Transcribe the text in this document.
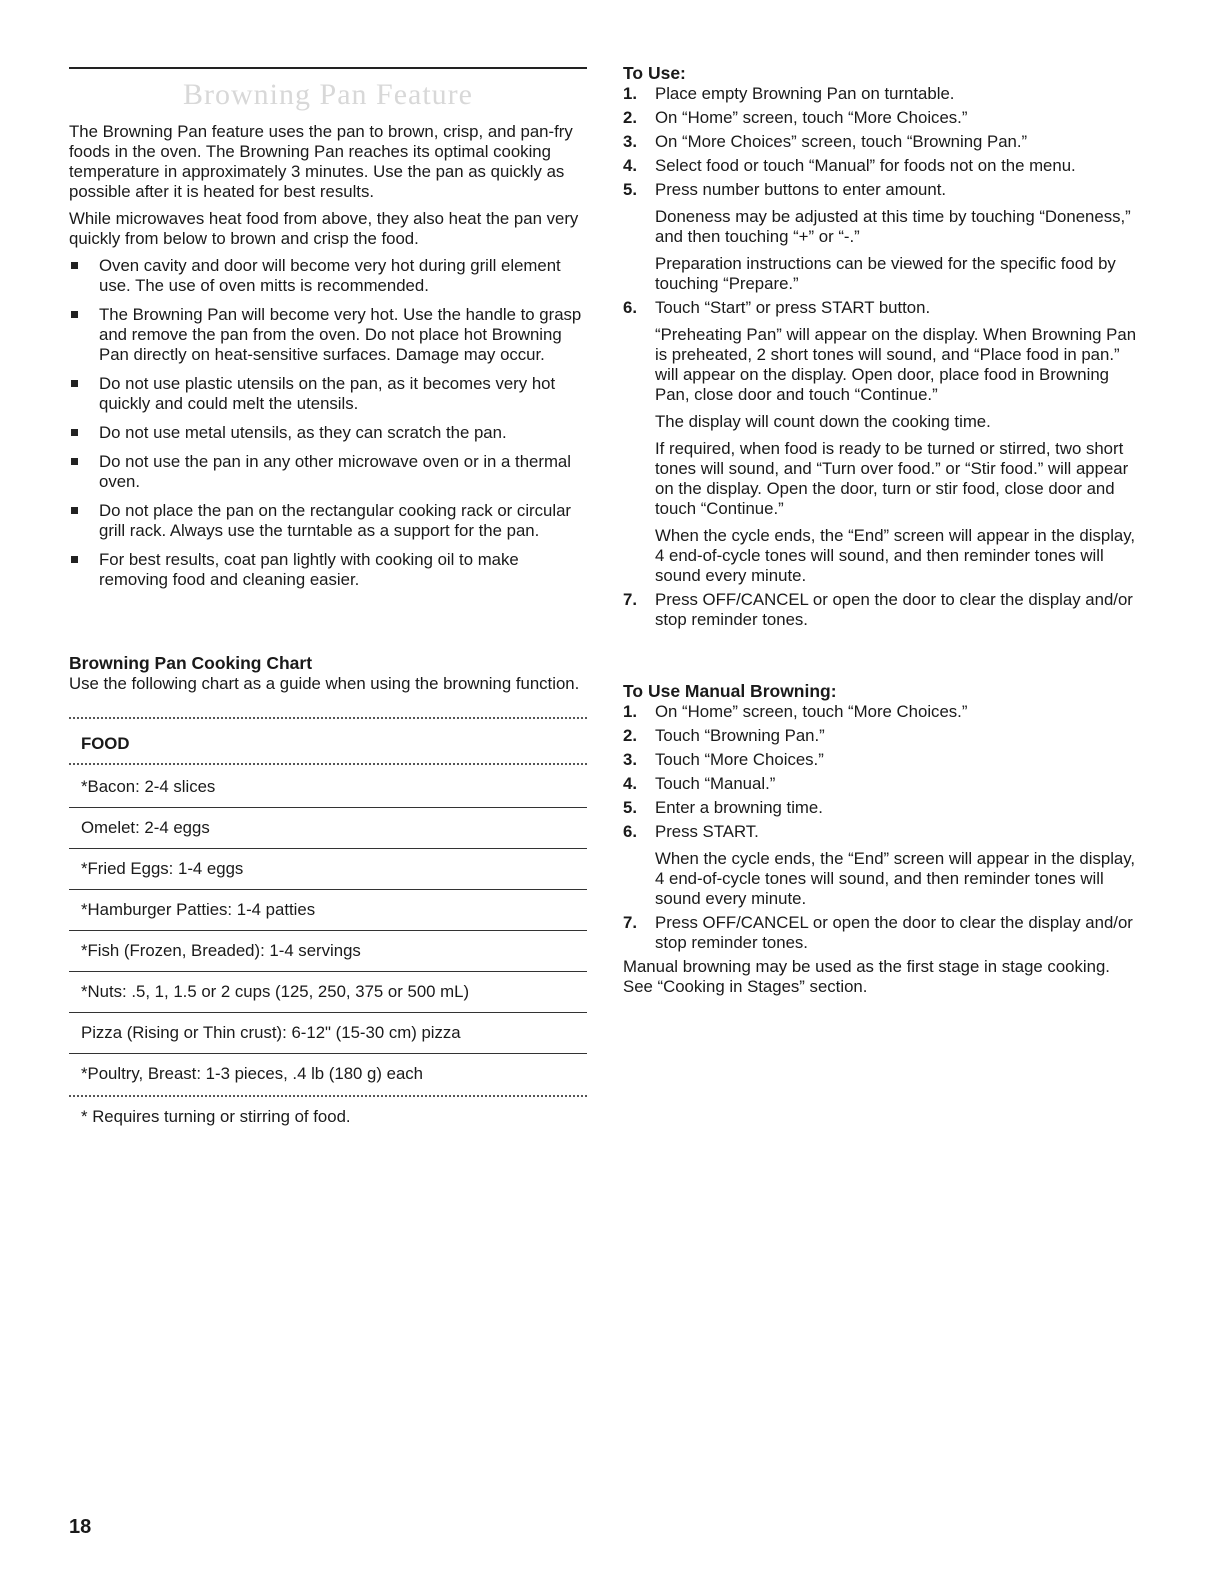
Browning Pan Feature

The Browning Pan feature uses the pan to brown, crisp, and pan-fry foods in the oven. The Browning Pan reaches its optimal cooking temperature in approximately 3 minutes. Use the pan as quickly as possible after it is heated for best results.

While microwaves heat food from above, they also heat the pan very quickly from below to brown and crisp the food.

Oven cavity and door will become very hot during grill element use. The use of oven mitts is recommended.
The Browning Pan will become very hot. Use the handle to grasp and remove the pan from the oven. Do not place hot Browning Pan directly on heat-sensitive surfaces. Damage may occur.
Do not use plastic utensils on the pan, as it becomes very hot quickly and could melt the utensils.
Do not use metal utensils, as they can scratch the pan.
Do not use the pan in any other microwave oven or in a thermal oven.
Do not place the pan on the rectangular cooking rack or circular grill rack. Always use the turntable as a support for the pan.
For best results, coat pan lightly with cooking oil to make removing food and cleaning easier.
Browning Pan Cooking Chart

Use the following chart as a guide when using the browning function.

FOOD
*Bacon: 2-4 slices
Omelet: 2-4 eggs
*Fried Eggs: 1-4 eggs
*Hamburger Patties: 1-4 patties
*Fish (Frozen, Breaded): 1-4 servings
*Nuts: .5, 1, 1.5 or 2 cups (125, 250, 375 or 500 mL)
Pizza (Rising or Thin crust): 6-12" (15-30 cm) pizza
*Poultry, Breast: 1-3 pieces, .4 lb (180 g) each
* Requires turning or stirring of food.
To Use:
1. Place empty Browning Pan on turntable.
2. On “Home” screen, touch “More Choices.”
3. On “More Choices” screen, touch “Browning Pan.”
4. Select food or touch “Manual” for foods not on the menu.
5. Press number buttons to enter amount.
Doneness may be adjusted at this time by touching “Doneness,” and then touching “+” or “-.”
Preparation instructions can be viewed for the specific food by touching “Prepare.”
6. Touch “Start” or press START button.
“Preheating Pan” will appear on the display. When Browning Pan is preheated, 2 short tones will sound, and “Place food in pan.” will appear on the display. Open door, place food in Browning Pan, close door and touch “Continue.”
The display will count down the cooking time.
If required, when food is ready to be turned or stirred, two short tones will sound, and “Turn over food.” or “Stir food.” will appear on the display. Open the door, turn or stir food, close door and touch “Continue.”
When the cycle ends, the “End” screen will appear in the display, 4 end-of-cycle tones will sound, and then reminder tones will sound every minute.
7. Press OFF/CANCEL or open the door to clear the display and/or stop reminder tones.
To Use Manual Browning:
1. On “Home” screen, touch “More Choices.”
2. Touch “Browning Pan.”
3. Touch “More Choices.”
4. Touch “Manual.”
5. Enter a browning time.
6. Press START.
When the cycle ends, the “End” screen will appear in the display, 4 end-of-cycle tones will sound, and then reminder tones will sound every minute.
7. Press OFF/CANCEL or open the door to clear the display and/or stop reminder tones.

Manual browning may be used as the first stage in stage cooking. See “Cooking in Stages” section.

18
